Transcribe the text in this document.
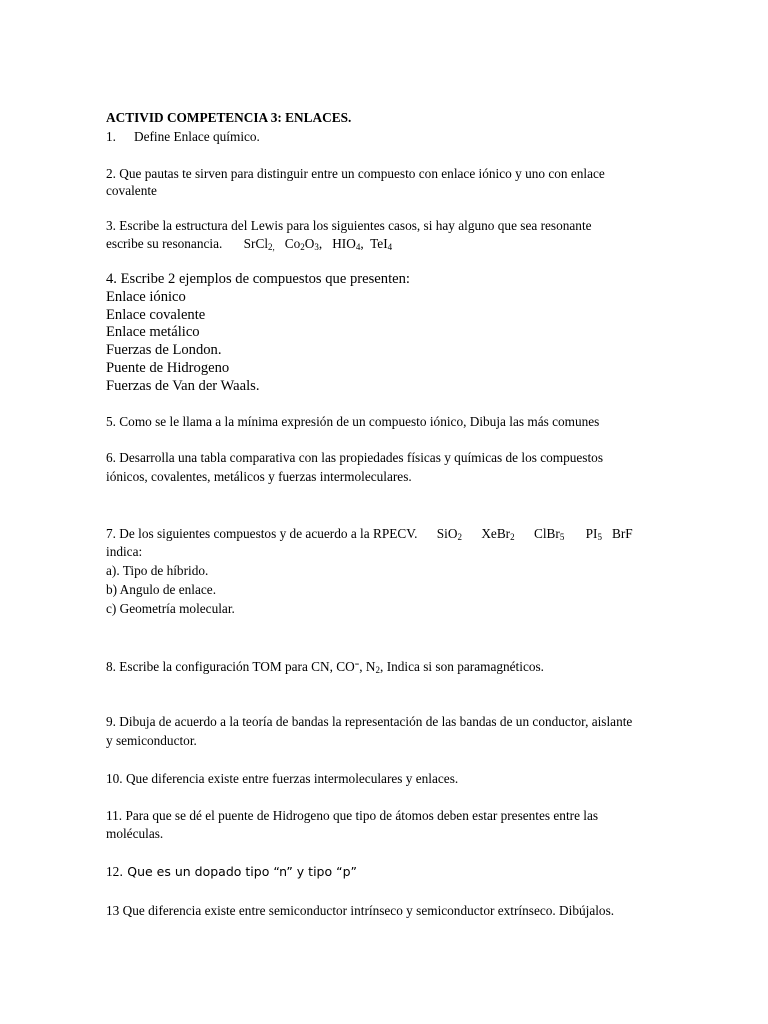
ACTIVID COMPETENCIA 3: ENLACES.
1. Define Enlace químico.
2. Que pautas te sirven para distinguir entre un compuesto con enlace iónico y uno con enlace
covalente
3. Escribe la estructura del Lewis para los siguientes casos, si hay alguno que sea resonante
escribe su resonancia. SrCl$_{2,}$ $Co_2O_3$, $HIO_4$, TeI$_4$
4. Escribe 2 ejemplos de compuestos que presenten:
Enlace iónico
Enlace covalente
Enlace metálico
Fuerzas de London.
Puente de Hidrogeno
Fuerzas de Van der Waals.
5. Como se le llama a la mínima expresión de un compuesto iónico, Dibuja las más comunes
6. Desarrolla una tabla comparativa con las propiedades físicas y químicas de los compuestos
iónicos, covalentes, metálicos y fuerzas intermoleculares.
7. De los siguientes compuestos y de acuerdo a la RPECV. SiO$_2$ XeBr$_2$ ClBr$_5$ $PI_5$ BrF
indica:
a). Tipo de híbrido.
b) Angulo de enlace.
c) Geometría molecular.
8. Escribe la configuración TOM para CN, CO=, $N_2$, Indica si son paramagnéticos.
9. Dibuja de acuerdo a la teoría de bandas la representación de las bandas de un conductor, aislante
y semiconductor.
10. Que diferencia existe entre fuerzas intermoleculares y enlaces.
11. Para que se dé el puente de Hidrogeno que tipo de átomos deben estar presentes entre las
moléculas.
12. Que es un dopado tipo “n” y tipo “p”
13 Que diferencia existe entre semiconductor intrínseco y semiconductor extrínseco. Dibújalos.
